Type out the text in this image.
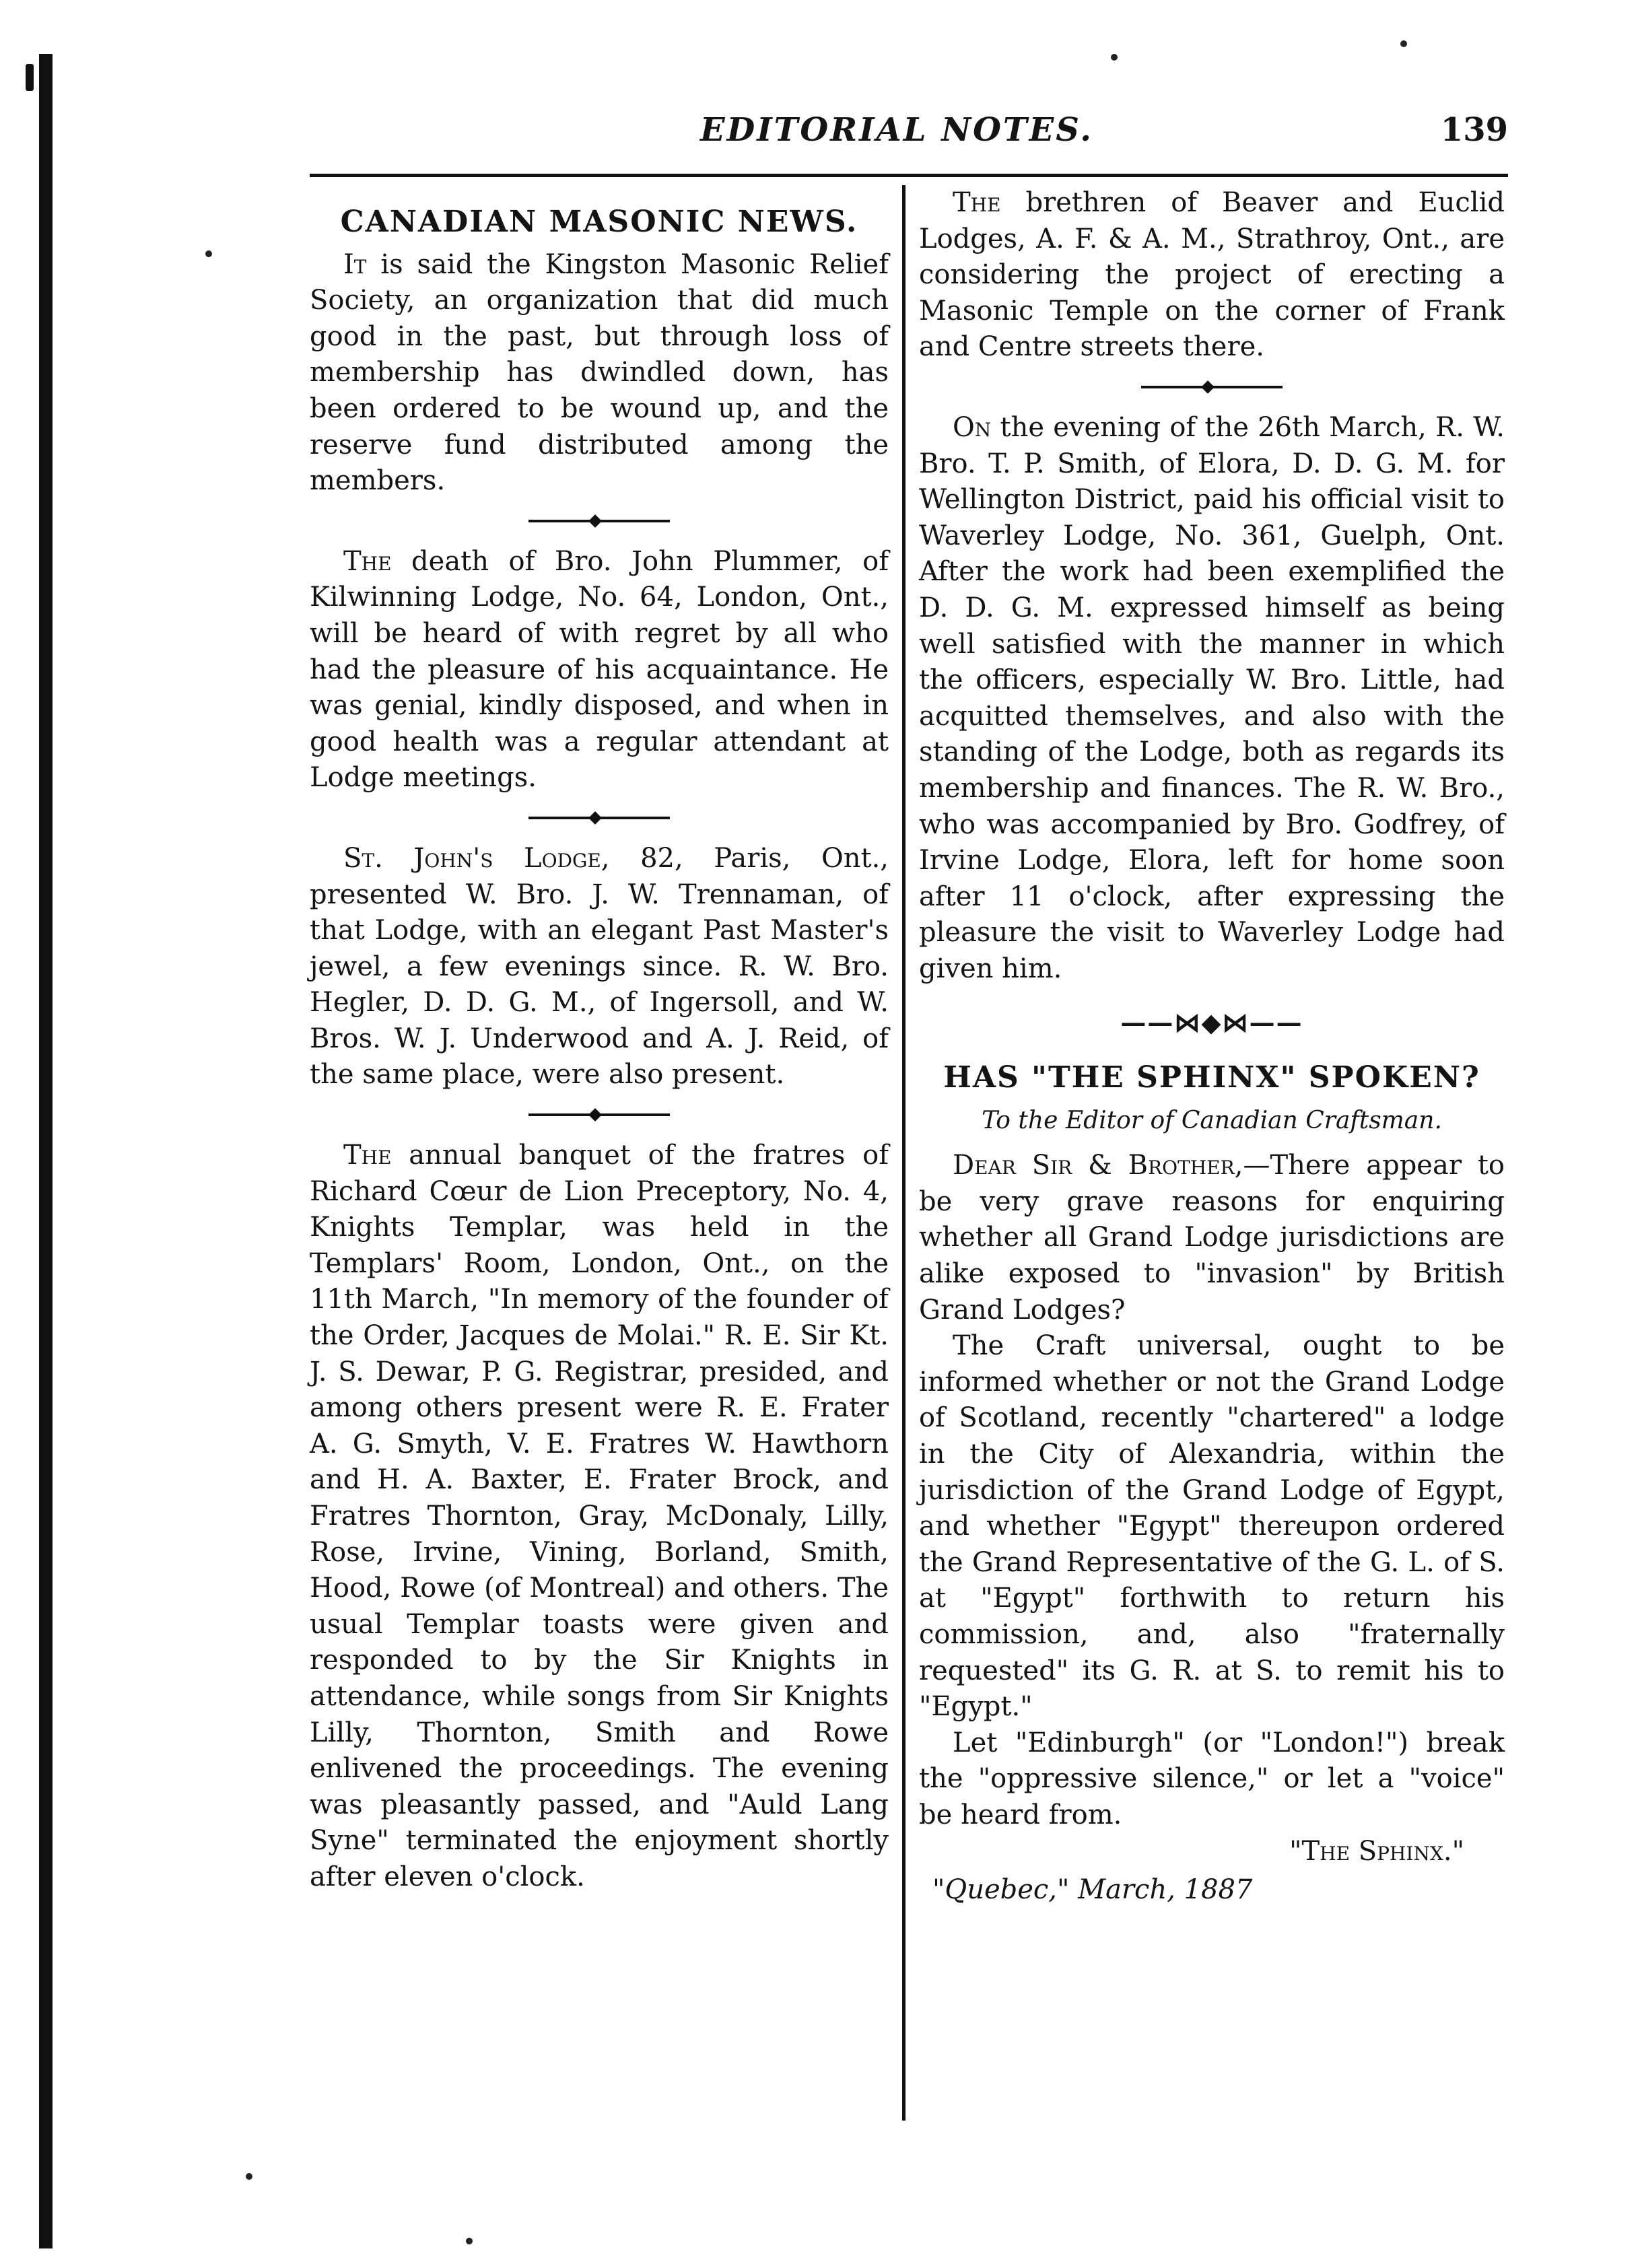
EDITORIAL NOTES.	139
CANADIAN MASONIC NEWS.

It is said the Kingston Masonic Relief Society, an organization that did much good in the past, but through loss of membership has dwindled down, has been ordered to be wound up, and the reserve fund distributed among the members.

The death of Bro. John Plummer, of Kilwinning Lodge, No. 64, London, Ont., will be heard of with regret by all who had the pleasure of his acquaintance. He was genial, kindly disposed, and when in good health was a regular attendant at Lodge meetings.

St. John's Lodge, 82, Paris, Ont., presented W. Bro. J. W. Trennaman, of that Lodge, with an elegant Past Master's jewel, a few evenings since. R. W. Bro. Hegler, D. D. G. M., of Ingersoll, and W. Bros. W. J. Underwood and A. J. Reid, of the same place, were also present.

The annual banquet of the fratres of Richard Cœur de Lion Preceptory, No. 4, Knights Templar, was held in the Templars' Room, London, Ont., on the 11th March, "In memory of the founder of the Order, Jacques de Molai." R. E. Sir Kt. J. S. Dewar, P. G. Registrar, presided, and among others present were R. E. Frater A. G. Smyth, V. E. Fratres W. Hawthorn and H. A. Baxter, E. Frater Brock, and Fratres Thornton, Gray, McDonaly, Lilly, Rose, Irvine, Vining, Borland, Smith, Hood, Rowe (of Montreal) and others. The usual Templar toasts were given and responded to by the Sir Knights in attendance, while songs from Sir Knights Lilly, Thornton, Smith and Rowe enlivened the proceedings. The evening was pleasantly passed, and "Auld Lang Syne" terminated the enjoyment shortly after eleven o'clock.

The brethren of Beaver and Euclid Lodges, A. F. & A. M., Strathroy, Ont., are considering the project of erecting a Masonic Temple on the corner of Frank and Centre streets there.

On the evening of the 26th March, R. W. Bro. T. P. Smith, of Elora, D. D. G. M. for Wellington District, paid his official visit to Waverley Lodge, No. 361, Guelph, Ont. After the work had been exemplified the D. D. G. M. expressed himself as being well satisfied with the manner in which the officers, especially W. Bro. Little, had acquitted themselves, and also with the standing of the Lodge, both as regards its membership and finances. The R. W. Bro., who was accompanied by Bro. Godfrey, of Irvine Lodge, Elora, left for home soon after 11 o'clock, after expressing the pleasure the visit to Waverley Lodge had given him.

——⋈◆⋈——
HAS "THE SPHINX" SPOKEN?
To the Editor of Canadian Craftsman.

Dear Sir & Brother,—There appear to be very grave reasons for enquiring whether all Grand Lodge jurisdictions are alike exposed to "invasion" by British Grand Lodges?

The Craft universal, ought to be informed whether or not the Grand Lodge of Scotland, recently "chartered" a lodge in the City of Alexandria, within the jurisdiction of the Grand Lodge of Egypt, and whether "Egypt" thereupon ordered the Grand Representative of the G. L. of S. at "Egypt" forthwith to return his commission, and, also "fraternally requested" its G. R. at S. to remit his to "Egypt."

Let "Edinburgh" (or "London!") break the "oppressive silence," or let a "voice" be heard from.

"The Sphinx."

"Quebec," March, 1887
